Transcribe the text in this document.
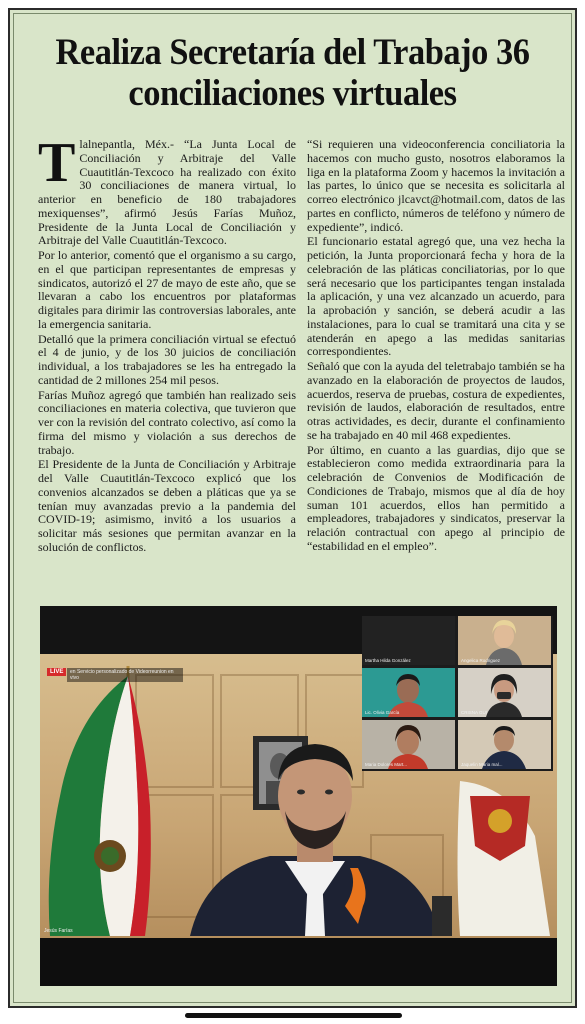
Realiza Secretaría del Trabajo 36
conciliaciones virtuales

Tlalnepantla, Méx.- “La Junta Local de Conciliación y Arbitraje del Valle Cuautitlán-Texcoco ha realizado con éxito 30 conciliaciones de manera virtual, lo anterior en beneficio de 180 trabajadores mexiquenses”, afirmó Jesús Farías Muñoz, Presidente de la Junta Local de Conciliación y Arbitraje del Valle Cuautitlán-Texcoco.

Por lo anterior, comentó que el organismo a su cargo, en el que participan representantes de empresas y sindicatos, autorizó el 27 de mayo de este año, que se llevaran a cabo los encuentros por plataformas digitales para dirimir las controversias laborales, ante la emergencia sanitaria.

Detalló que la primera conciliación virtual se efectuó el 4 de junio, y de los 30 juicios de conciliación individual, a los trabajadores se les ha entregado la cantidad de 2 millones 254 mil pesos.

Farías Muñoz agregó que también han realizado seis conciliaciones en materia colectiva, que tuvieron que ver con la revisión del contrato colectivo, así como la firma del mismo y violación a sus derechos de trabajo.

El Presidente de la Junta de Conciliación y Arbitraje del Valle Cuautitlán-Texcoco explicó que los convenios alcanzados se deben a pláticas que ya se tenían muy avanzadas previo a la pandemia del COVID-19; asimismo, invitó a los usuarios a solicitar más sesiones que permitan avanzar en la solución de conflictos.

“Si requieren una videoconferencia conciliatoria la hacemos con mucho gusto, nosotros elaboramos la liga en la plataforma Zoom y hacemos la invitación a las partes, lo único que se necesita es solicitarla al correo electrónico jlcavct@hotmail.com, datos de las partes en conflicto, números de teléfono y número de expediente”, indicó.

El funcionario estatal agregó que, una vez hecha la petición, la Junta proporcionará fecha y hora de la celebración de las pláticas conciliatorias, por lo que será necesario que los participantes tengan instalada la aplicación, y una vez alcanzado un acuerdo, para la aprobación y sanción, se deberá acudir a las instalaciones, para lo cual se tramitará una cita y se atenderán en apego a las medidas sanitarias correspondientes.

Señaló que con la ayuda del teletrabajo también se ha avanzado en la elaboración de proyectos de laudos, acuerdos, reserva de pruebas, costura de expedientes, revisión de laudos, elaboración de resultados, entre otras actividades, es decir, durante el confinamiento se ha trabajado en 40 mil 468 expedientes.

Por último, en cuanto a las guardias, dijo que se establecieron como medida extraordinaria para la celebración de Convenios de Modificación de Condiciones de Trabajo, mismos que al día de hoy suman 101 acuerdos, ellos han permitido a empleadores, trabajadores y sindicatos, preservar la relación contractual con apego al principio de “estabilidad en el empleo”.

LIVE	en Servicio personalizado de Videorreunion en vivo
Martha Hilda González	Angelica Rodriguez
Lic. Olivia García	CRISNA GUI
Maria Dolores Mart...	Jaquelin Maria mal...
Jesús Farías
